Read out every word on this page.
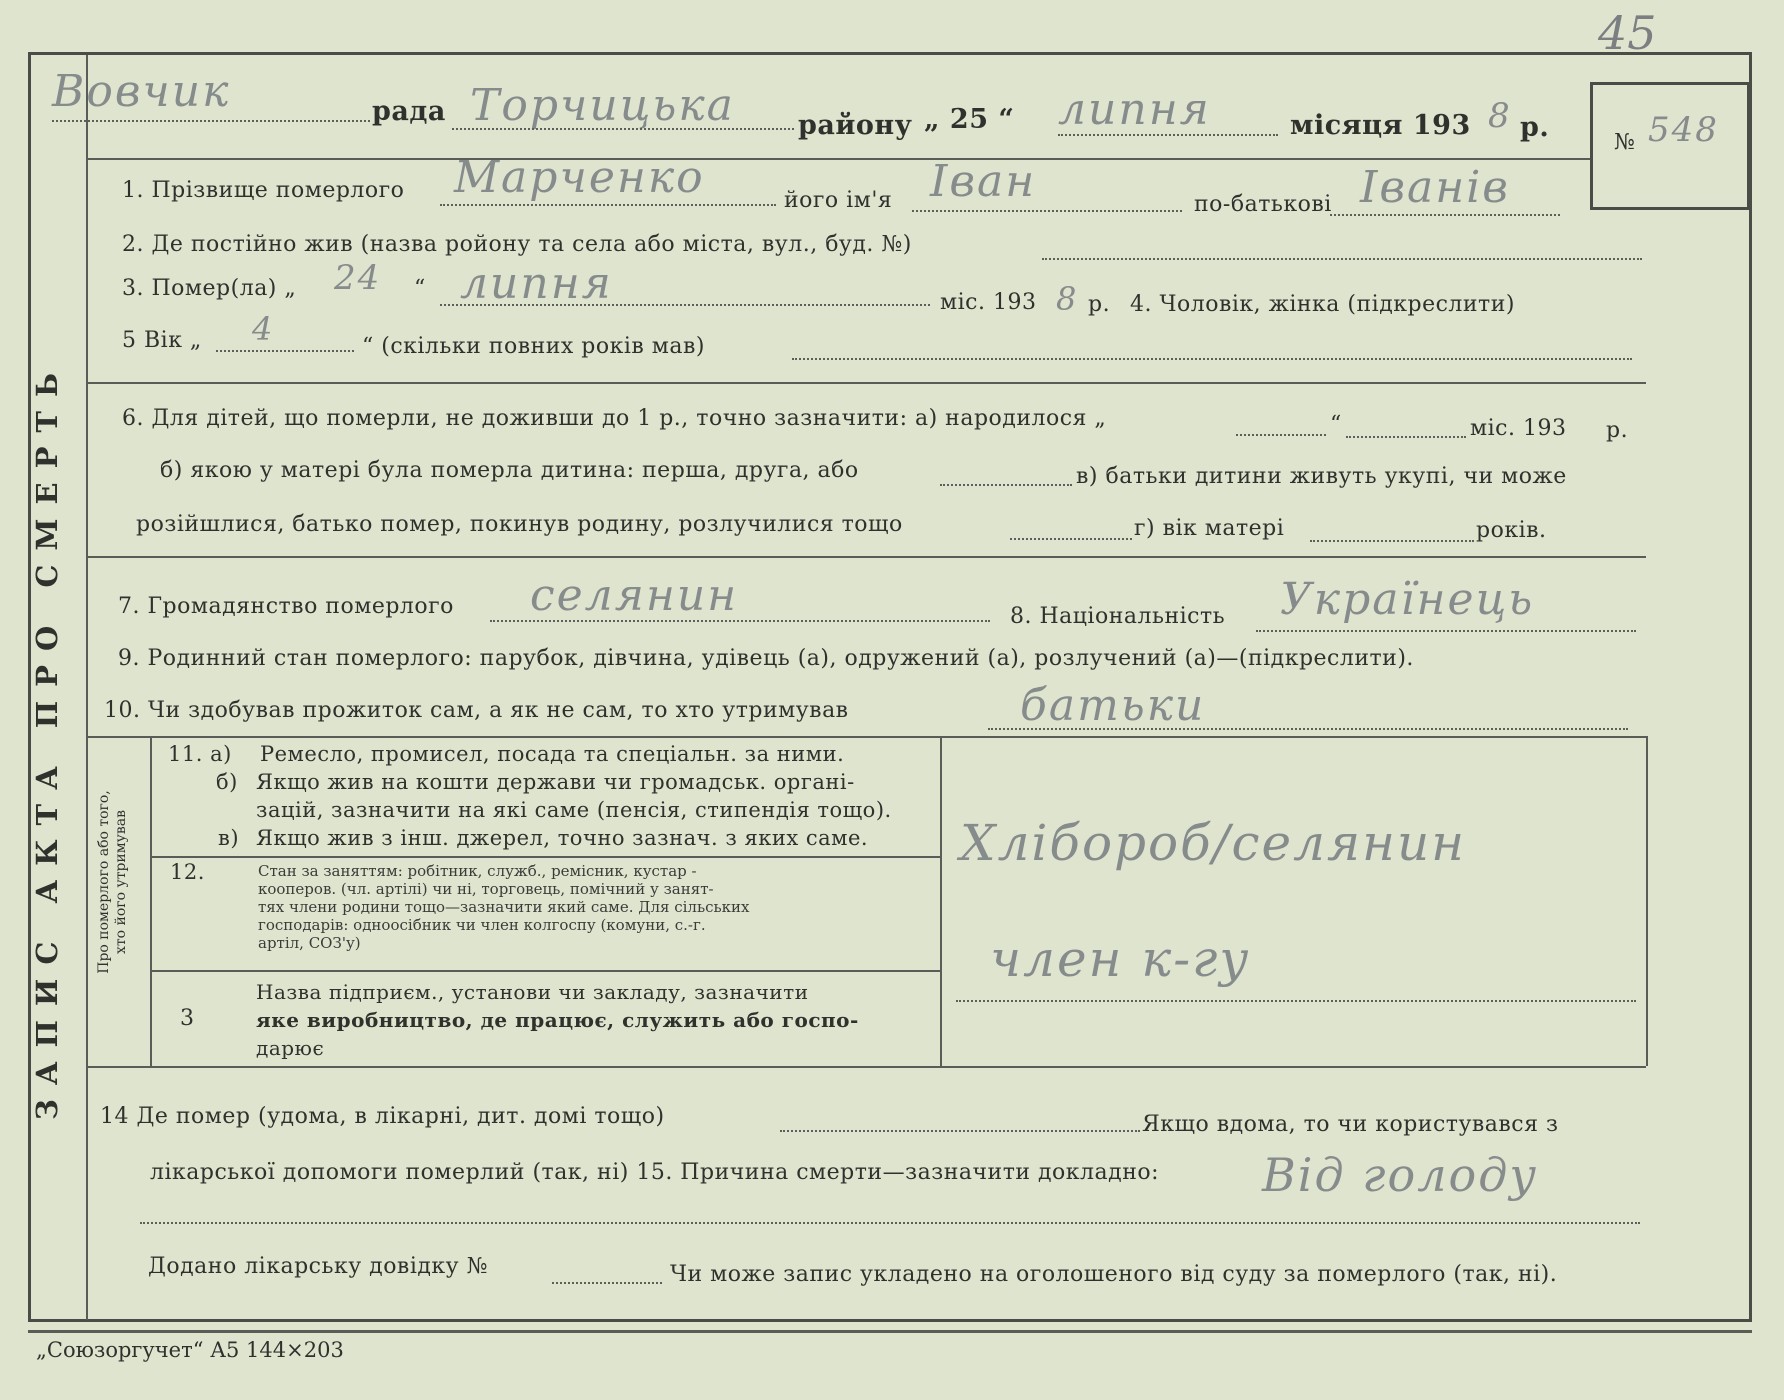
45
ЗАПИС АКТА ПРО СМЕРТЬ
Вовчик	рада Торчицька району „ 25 “ липня	місяця 193 8 р.	№ 548
1. Прізвище померлого Марченко	його ім'я Іван	по-батькові Іванів
2. Де постійно жив (назва ройону та села або міста, вул., буд. №)
3. Помер(ла) „ 24 “ липня	міс. 193 8 р. 4. Чоловік, жінка (підкреслити)
5 Вік „ 4	“ (скільки повних років мав)
6. Для дітей, що померли, не доживши до 1 р., точно зазначити: а) народилося „	“	міс. 193 р.
б) якою у матері була померла дитина: перша, друга, або	в) батьки дитини живуть укупі, чи може
розійшлися, батько помер, покинув родину, розлучилися тощо	г) вік матері	років.
7. Громадянство померлого селянин	8. Національність Українець
9. Родинний стан померлого: парубок, дівчина, удівець (а), одружений (а), розлучений (а)—(підкреслити).
10. Чи здобував прожиток сам, а як не сам, то хто утримував	батьки
Про померлого або того, хто його утримував
11. а) Ремесло, промисел, посада та спеціальн. за ними.
б) Якщо жив на кошти держави чи громадськ. органі-
зацій, зазначити на які саме (пенсія, стипендія тощо).
в) Якщо жив з інш. джерел, точно зазнач. з яких саме. Хлібороб/селянин
12.	Стан за заняттям: робітник, служб., ремісник, кустар -
кооперов. (чл. артілі) чи ні, торговець, помічний у занят-
тях члени родини тощо—зазначити який саме. Для сільських
господарів: одноосібник чи член колгоспу (комуни, с.-г.
артіл, СОЗ'у)	член к-гу
3
Назва підприєм., установи чи закладу, зазначити
яке виробництво, де працює, служить або госпо-
дарює
14 Де помер (удома, в лікарні, дит. домі тощо)	Якщо вдома, то чи користувався з
лікарської допомоги померлий (так, ні) 15. Причина смерти—зазначити докладно: Від голоду
Додано лікарську довідку №	Чи може запис укладено на оголошеного від суду за померлого (так, ні).
„Союзоргучет“ А5 144×203
